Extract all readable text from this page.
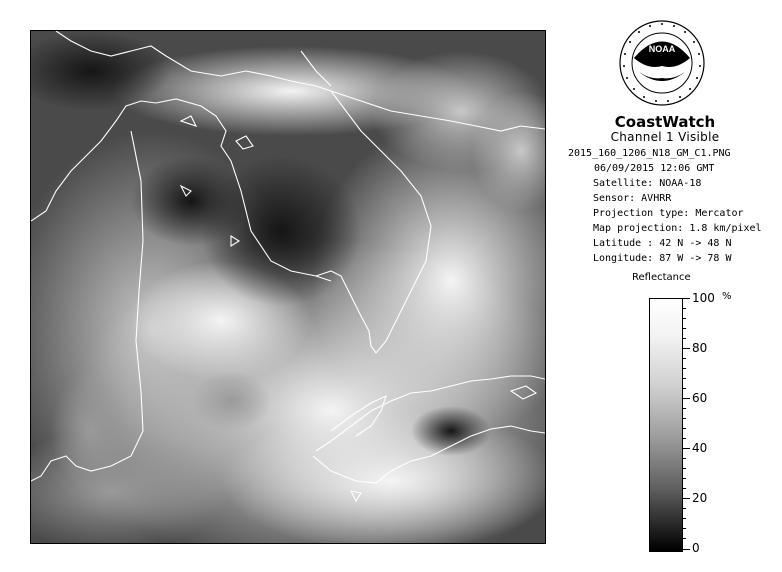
NOAA
CoastWatch
Channel 1 Visible
2015_160_1206_N18_GM_C1.PNG
06/09/2015 12:06 GMT
Satellite: NOAA-18
Sensor: AVHRR
Projection type: Mercator
Map projection: 1.8 km/pixel
Latitude : 42 N -> 48 N
Longitude: 87 W -> 78 W
Reflectance
%
100
80
60
40
20
0
